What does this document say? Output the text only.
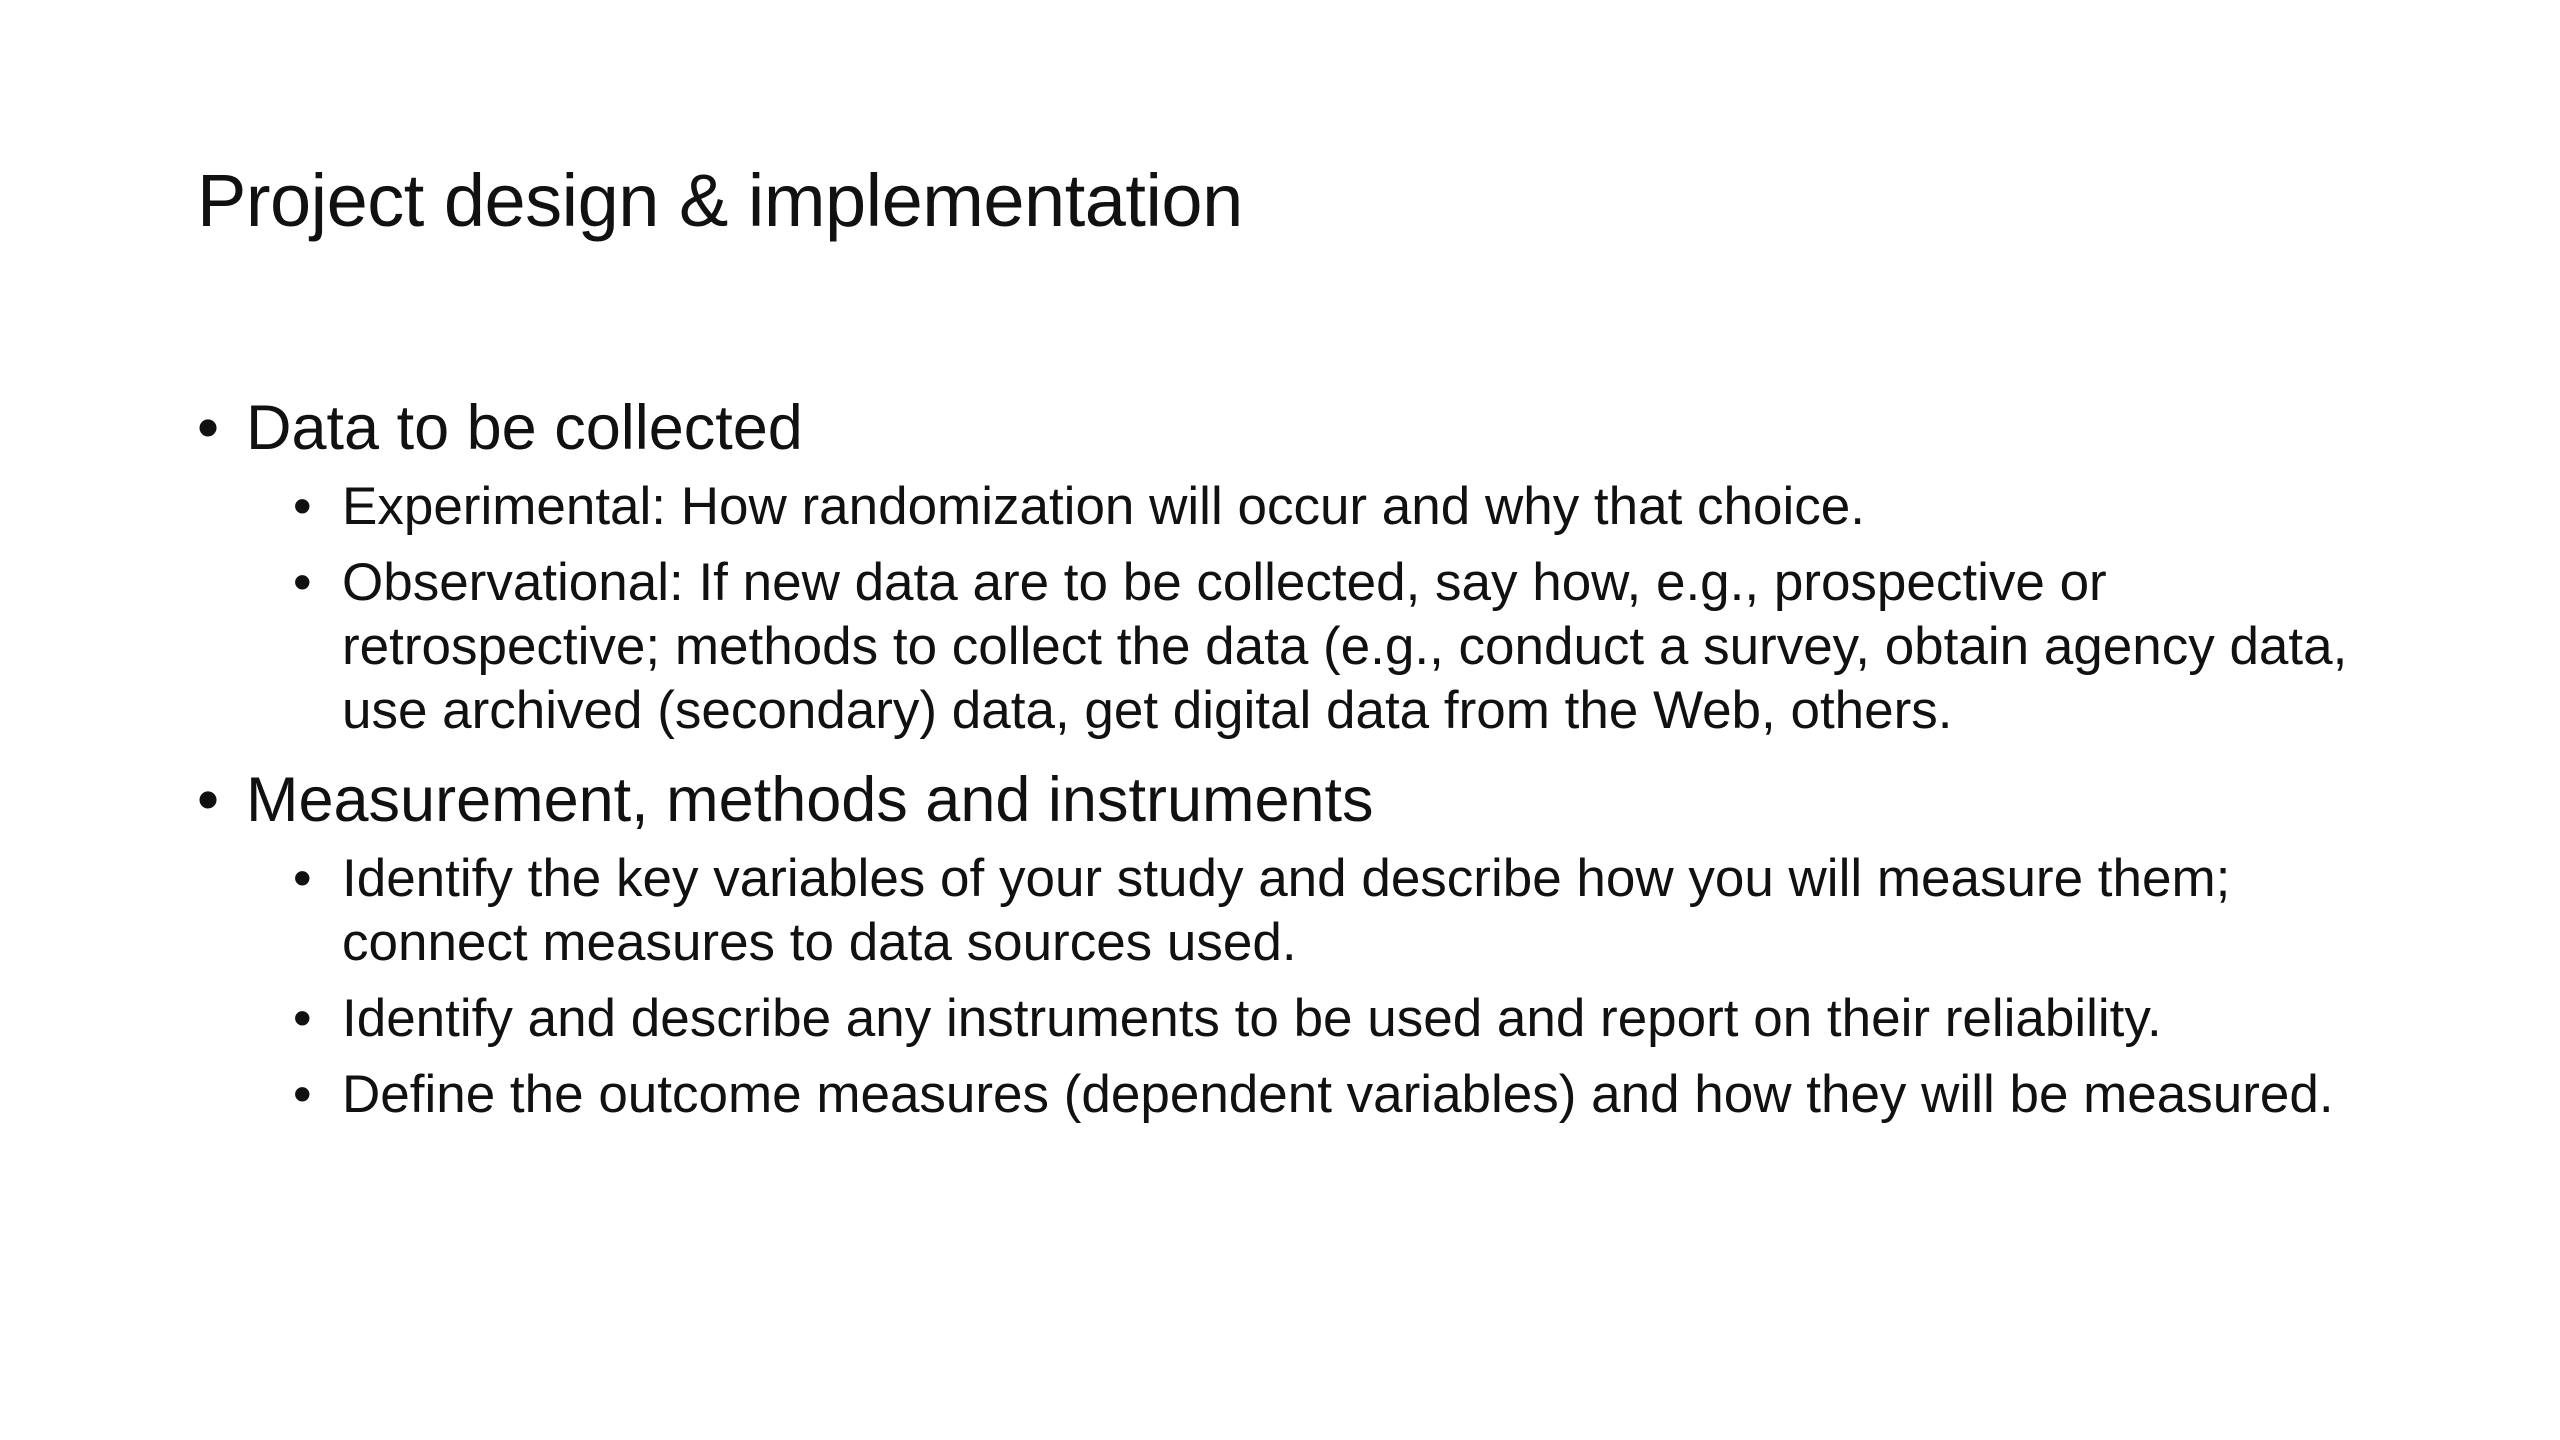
Project design & implementation
• Data to be collected
• Experimental: How randomization will occur and why that choice.
• Observational: If new data are to be collected, say how, e.g., prospective or retrospective; methods to collect the data (e.g., conduct a survey, obtain agency data, use archived (secondary) data, get digital data from the Web, others.
• Measurement, methods and instruments
• Identify the key variables of your study and describe how you will measure them; connect measures to data sources used.
• Identify and describe any instruments to be used and report on their reliability.
• Define the outcome measures (dependent variables) and how they will be measured.
